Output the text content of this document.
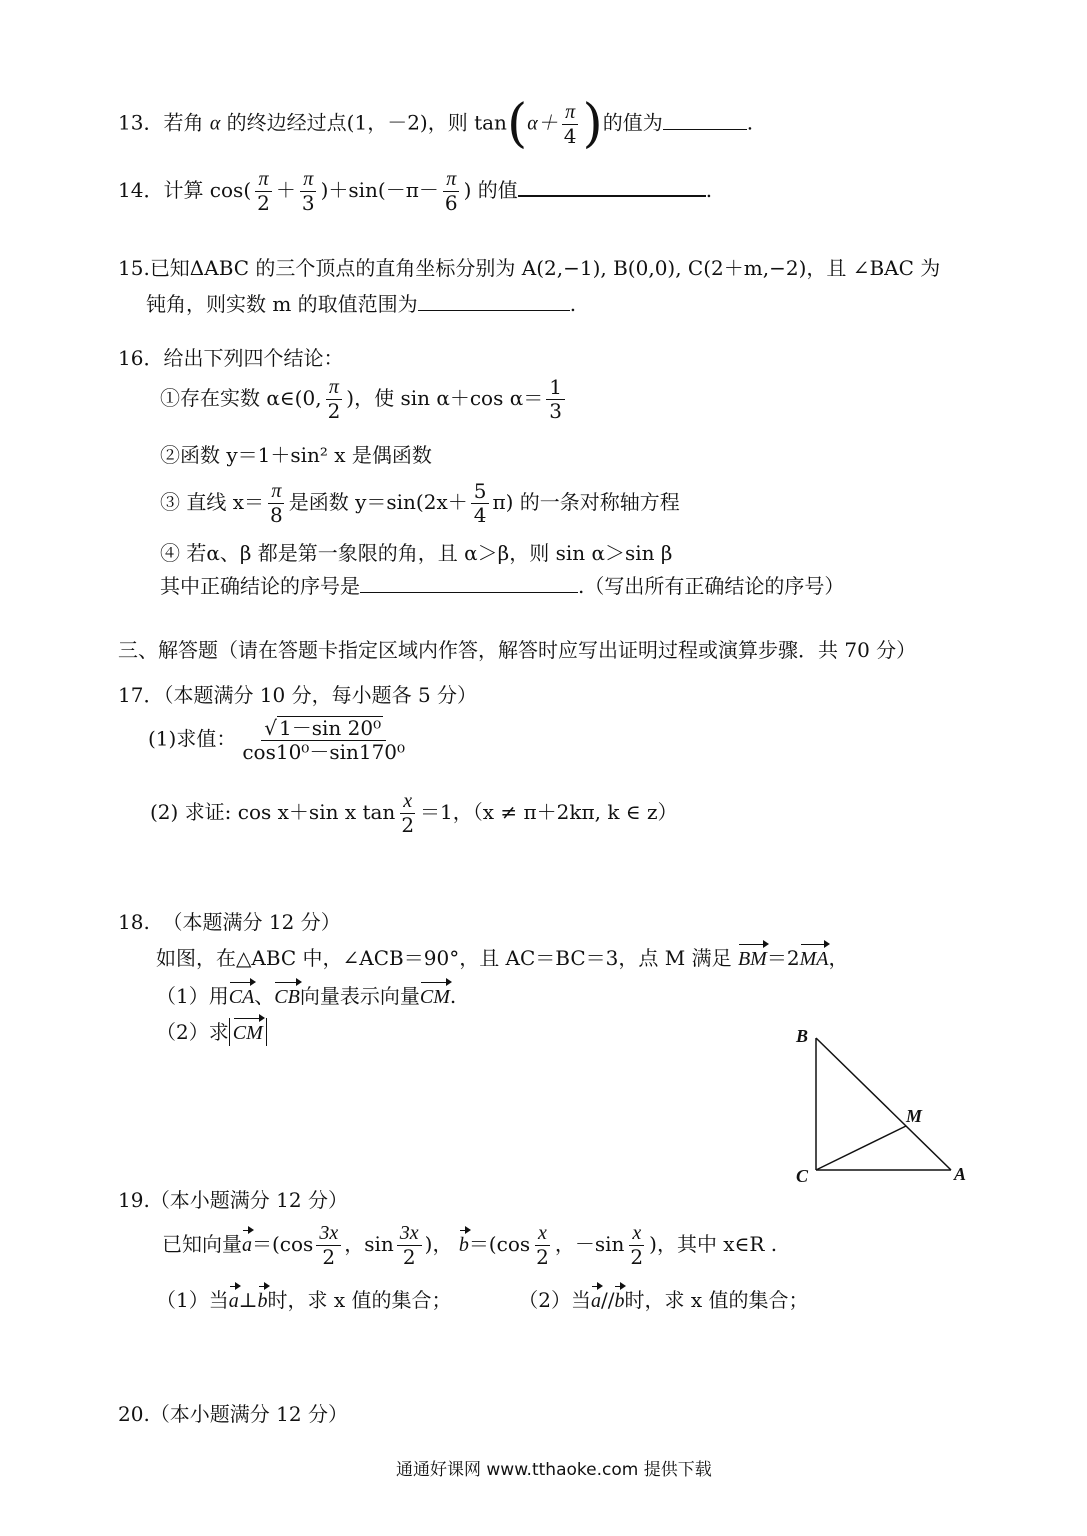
13．若角 α 的终边经过点(1，－2)，则 $\tan(\alpha+ \frac{\pi}{4}$ )的值为	.
14．计算 $\cos( \frac{\pi}{2} + \frac{\pi}{3} )+\sin(-\pi- \frac{\pi}{6}$ ) 的值	.
15.已知ΔABC 的三个顶点的直角坐标分别为 A(2,−1), B(0,0), C(2＋m,−2)，且 ∠BAC 为
钝角，则实数 m 的取值范围为	.
16．给出下列四个结论：
①存在实数 α∈(0, $\frac{\pi}{2}$ )，使 sin α＋cos $\alpha= \frac{1}{3}$
②函数 y＝1＋sin² x 是偶函数
③ 直线 $x= \frac{\pi}{8}$ 是函数 $y=\sin(2x+ \frac{5}{4} \pi)$ 的一条对称轴方程
④ 若α、β 都是第一象限的角，且 α＞β，则 sin α＞sin β
其中正确结论的序号是	.（写出所有正确结论的序号）
三、解答题（请在答题卡指定区域内作答，解答时应写出证明过程或演算步骤．共 70 分）
17．（本题满分 10 分，每小题各 5 分）
(1)求值： $\frac{\text{√ 1－sin 20⁰}}{\text{cos10⁰－sin170⁰}}$
(2) 求证: cos x＋sin x $\tan \frac{x}{2} =1$，（x ≠ π＋2kπ, k ∈ z）
18. （本题满分 12 分）
如图，在△ABC 中，∠ACB＝90°，且 AC＝BC＝3，点 M 满足 BM＝2MA，
（1）用CA、CB向量表示向量CM.
（2）求 CM	B
M
C	A
19.（本小题满分 12 分）
已知向量$a=(\cos \frac{3x}{2}$ ，$\sin \frac{3x}{2}$ )， $b=(\cos \frac{x}{2}$ ，$-\sin \frac{x}{2}$ )，其中 x∈R .
（1）当a⊥b时，求 x 值的集合；	（2）当a//b时，求 x 值的集合；
20.（本小题满分 12 分）
通通好课网 www.tthaoke.com 提供下载
